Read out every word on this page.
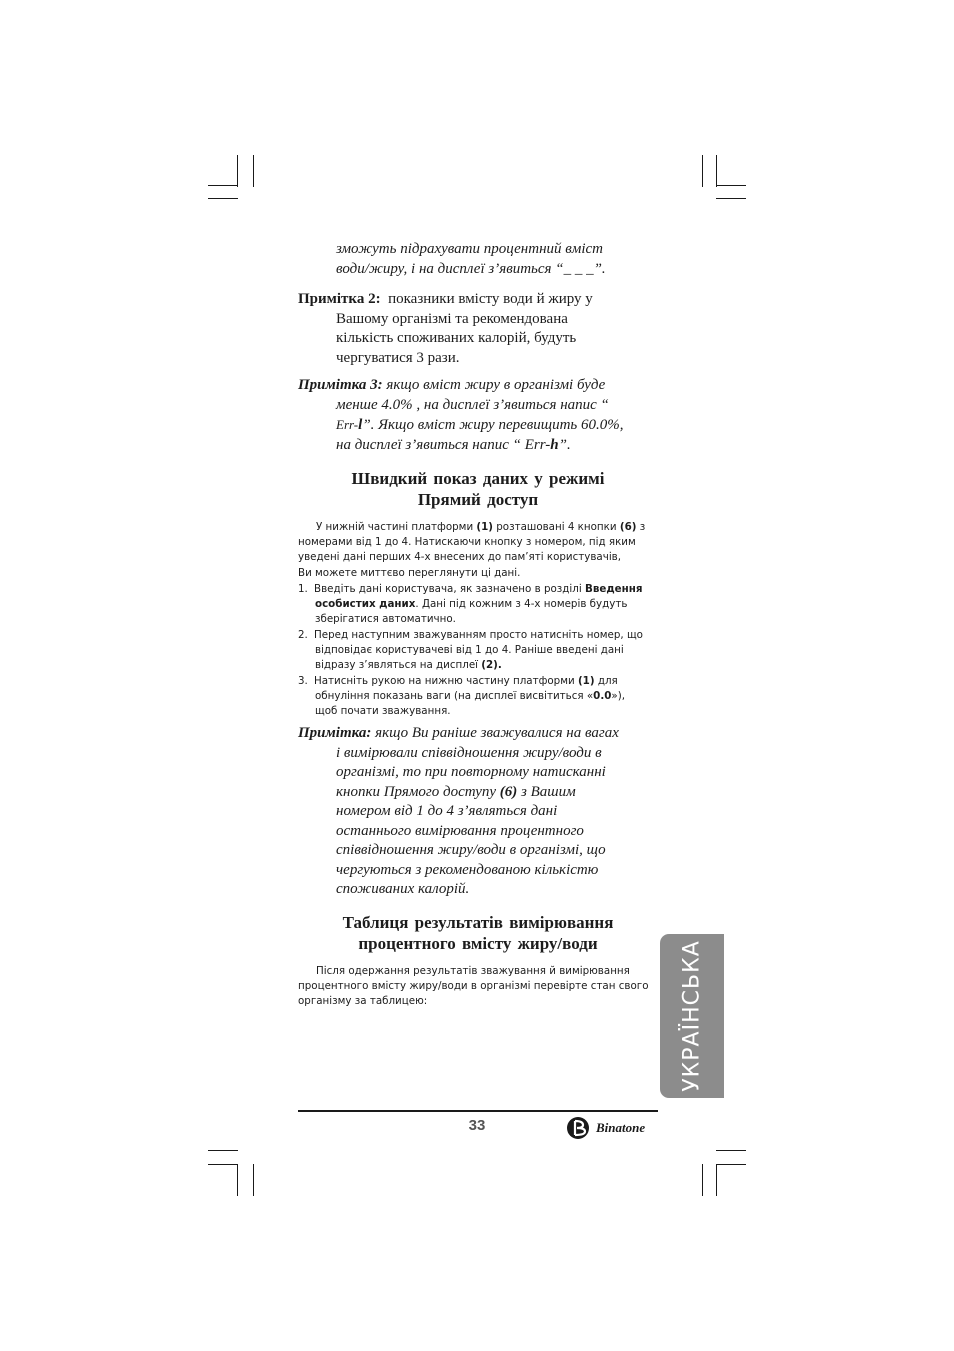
зможуть підрахувати процентний вміст
води/жиру, і на дисплеї з’явиться “_ _ _”.
Примітка 2: показники вмісту води й жиру у
Вашому організмі та рекомендована
кількість споживаних калорій, будуть
чергуватися 3 рази.
Примітка 3: якщо вміст жиру в організмі буде
менше 4.0% , на дисплеї з’явиться напис “
Err-l”. Якщо вміст жиру перевищить 60.0%,
на дисплеї з’явиться напис “ Err-h”.
Швидкий показ даних у режимі
Прямий доступ
У нижній частині платформи (1) розташовані 4 кнопки (6) з
номерами від 1 до 4. Натискаючи кнопку з номером, під яким
уведені дані перших 4-х внесених до пам’яті користувачів,
Ви можете миттєво переглянути ці дані.
1. Введіть дані користувача, як зазначено в розділі Введення
особистих даних. Дані під кожним з 4-х номерів будуть
зберігатися автоматично.
2. Перед наступним зважуванням просто натисніть номер, що
відповідає користувачеві від 1 до 4. Раніше введені дані
відразу з’являться на дисплеї (2).
3. Натисніть рукою на нижню частину платформи (1) для
обнуління показань ваги (на дисплеї висвітиться «0.0»),
щоб почати зважування.
Примітка: якщо Ви раніше зважувалися на вагах
і вимірювали співвідношення жиру/води в
організмі, то при повторному натисканні
кнопки Прямого доступу (6) з Вашим
номером від 1 до 4 з’являться дані
останнього вимірювання процентного
співвідношення жиру/води в організмі, що
чергуються з рекомендованою кількістю
споживаних калорій.
Таблиця результатів вимірювання
процентного вмісту жиру/води
Після одержання результатів зважування й вимірювання
процентного вмісту жиру/води в організмі перевірте стан свого
організму за таблицею:	УКРАЇНСЬКА
33	Binatone
